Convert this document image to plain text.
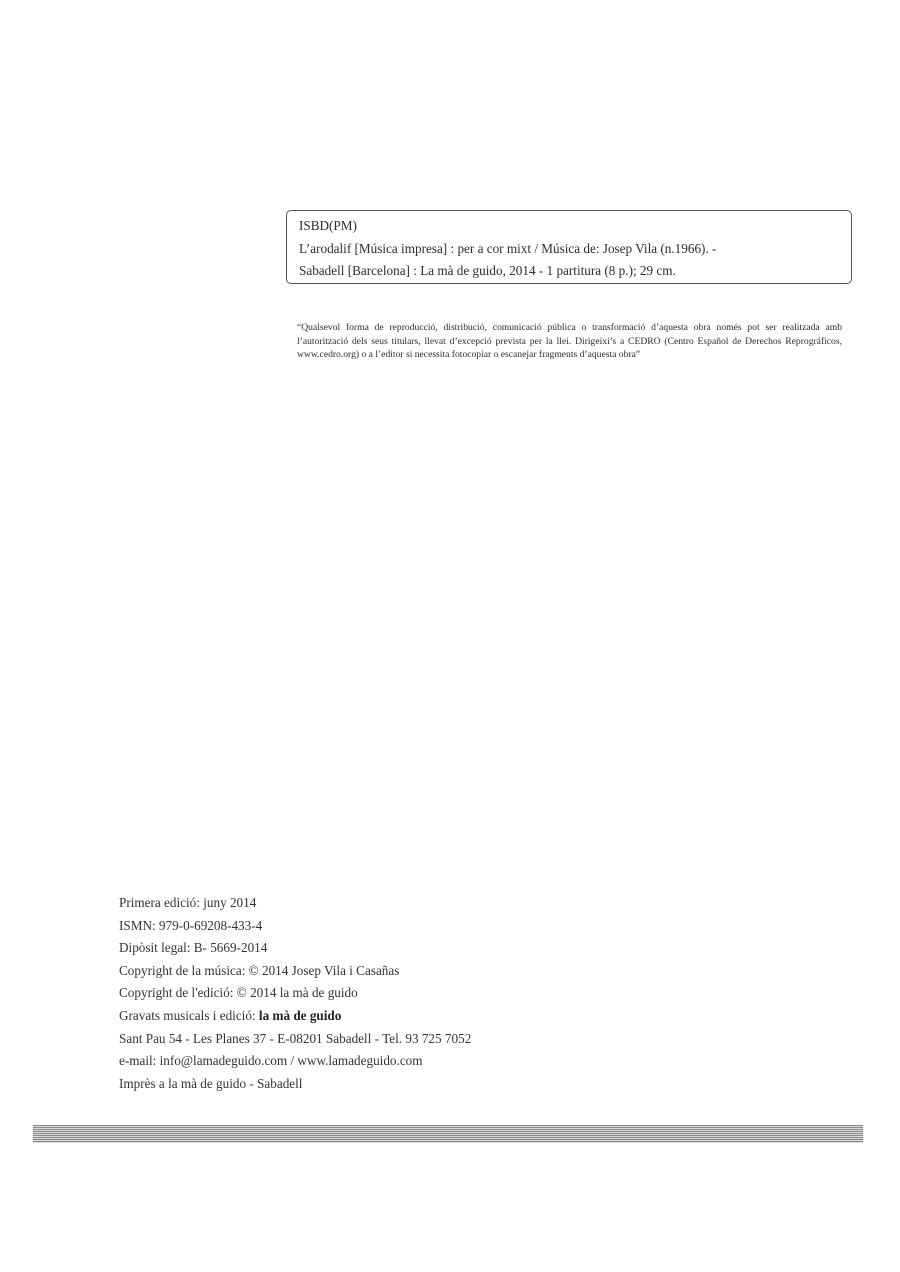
ISBD(PM)
L’arodalif [Música impresa] : per a cor mixt / Música de: Josep Vila (n.1966). -
Sabadell [Barcelona] : La mà de guido, 2014 - 1 partitura (8 p.); 29 cm.
“Qualsevol forma de reproducció, distribució, comunicació pública o transformació d’aquesta obra només pot ser realitzada amb l’autorització dels seus titulars, llevat d’excepció prevista per la llei. Dirigeixi’s a CEDRO (Centro Español de Derechos Reprográficos, www.cedro.org) o a l’editor si necessita fotocopiar o escanejar fragments d’aquesta obra”
Primera edició: juny 2014
ISMN: 979-0-69208-433-4
Dipòsit legal: B- 5669-2014
Copyright de la música: © 2014 Josep Vila i Casañas
Copyright de l'edició: © 2014 la mà de guido
Gravats musicals i edició: la mà de guido
Sant Pau 54 - Les Planes 37 - E-08201 Sabadell - Tel. 93 725 7052
e-mail: info@lamadeguido.com / www.lamadeguido.com
Imprès a la mà de guido - Sabadell
